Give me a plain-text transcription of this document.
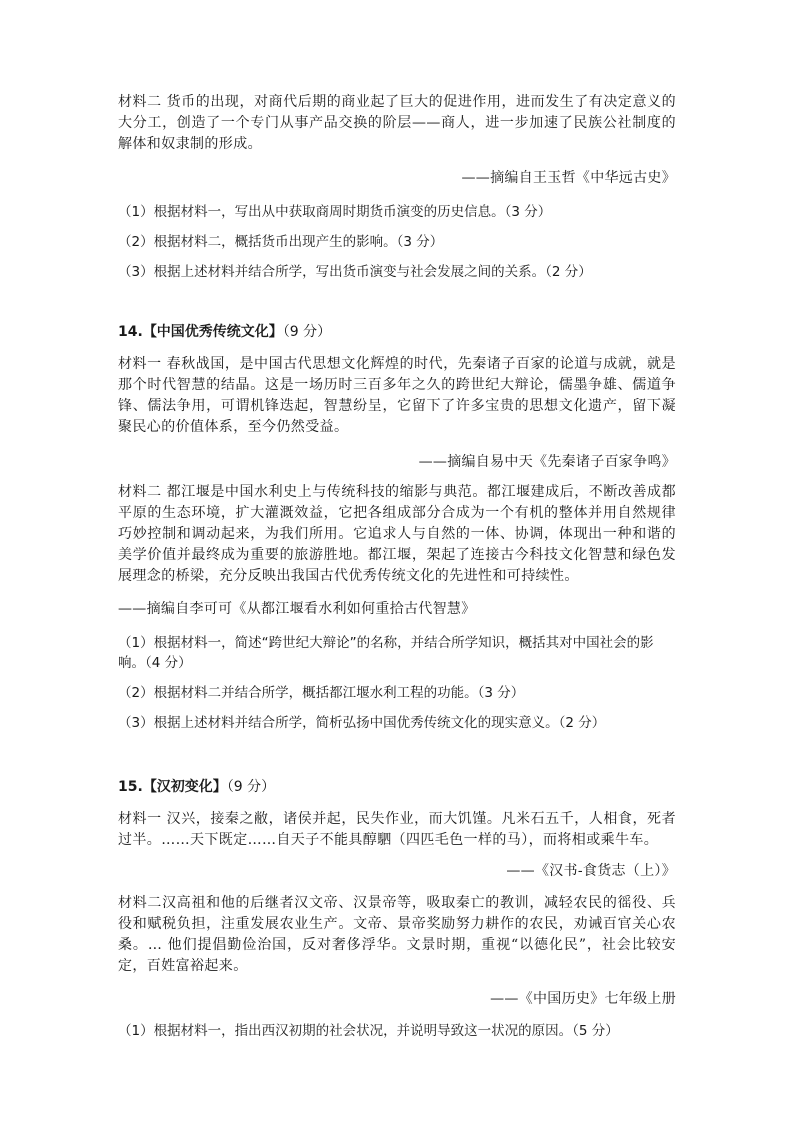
材料二 货币的出现，对商代后期的商业起了巨大的促进作用，进而发生了有决定意义的大分工，创造了一个专门从事产品交换的阶层——商人，进一步加速了民族公社制度的解体和奴隶制的形成。

——摘编自王玉哲《中华远古史》

（1）根据材料一，写出从中获取商周时期货币演变的历史信息。（3 分）

（2）根据材料二，概括货币出现产生的影响。（3 分）

（3）根据上述材料并结合所学，写出货币演变与社会发展之间的关系。（2 分）

14.【中国优秀传统文化】（9 分）

材料一 春秋战国，是中国古代思想文化辉煌的时代，先秦诸子百家的论道与成就，就是那个时代智慧的结晶。这是一场历时三百多年之久的跨世纪大辩论，儒墨争雄、儒道争锋、儒法争用，可谓机锋迭起，智慧纷呈，它留下了许多宝贵的思想文化遗产，留下凝聚民心的价值体系，至今仍然受益。

——摘编自易中天《先秦诸子百家争鸣》

材料二 都江堰是中国水利史上与传统科技的缩影与典范。都江堰建成后，不断改善成都平原的生态环境，扩大灌溉效益，它把各组成部分合成为一个有机的整体并用自然规律巧妙控制和调动起来，为我们所用。它追求人与自然的一体、协调，体现出一种和谐的美学价值并最终成为重要的旅游胜地。都江堰，架起了连接古今科技文化智慧和绿色发展理念的桥梁，充分反映出我国古代优秀传统文化的先进性和可持续性。

——摘编自李可可《从都江堰看水利如何重拾古代智慧》

（1）根据材料一，简述“跨世纪大辩论”的名称，并结合所学知识，概括其对中国社会的影响。（4 分）

（2）根据材料二并结合所学，概括都江堰水利工程的功能。（3 分）

（3）根据上述材料并结合所学，简析弘扬中国优秀传统文化的现实意义。（2 分）

15.【汉初变化】（9 分）

材料一 汉兴，接秦之敝，诸侯并起，民失作业，而大饥馑。凡米石五千，人相食，死者过半。……天下既定……自天子不能具醇駟（四匹毛色一样的马），而将相或乘牛车。

——《汉书-食货志（上）》

材料二汉高祖和他的后继者汉文帝、汉景帝等，吸取秦亡的教训，减轻农民的徭役、兵役和赋税负担，注重发展农业生产。文帝、景帝奖励努力耕作的农民，劝诫百官关心农桑。… 他们提倡勤俭治国，反对奢侈浮华。文景时期，重视“以德化民”，社会比较安定，百姓富裕起来。

——《中国历史》七年级上册

（1）根据材料一，指出西汉初期的社会状况，并说明导致这一状况的原因。（5 分）
